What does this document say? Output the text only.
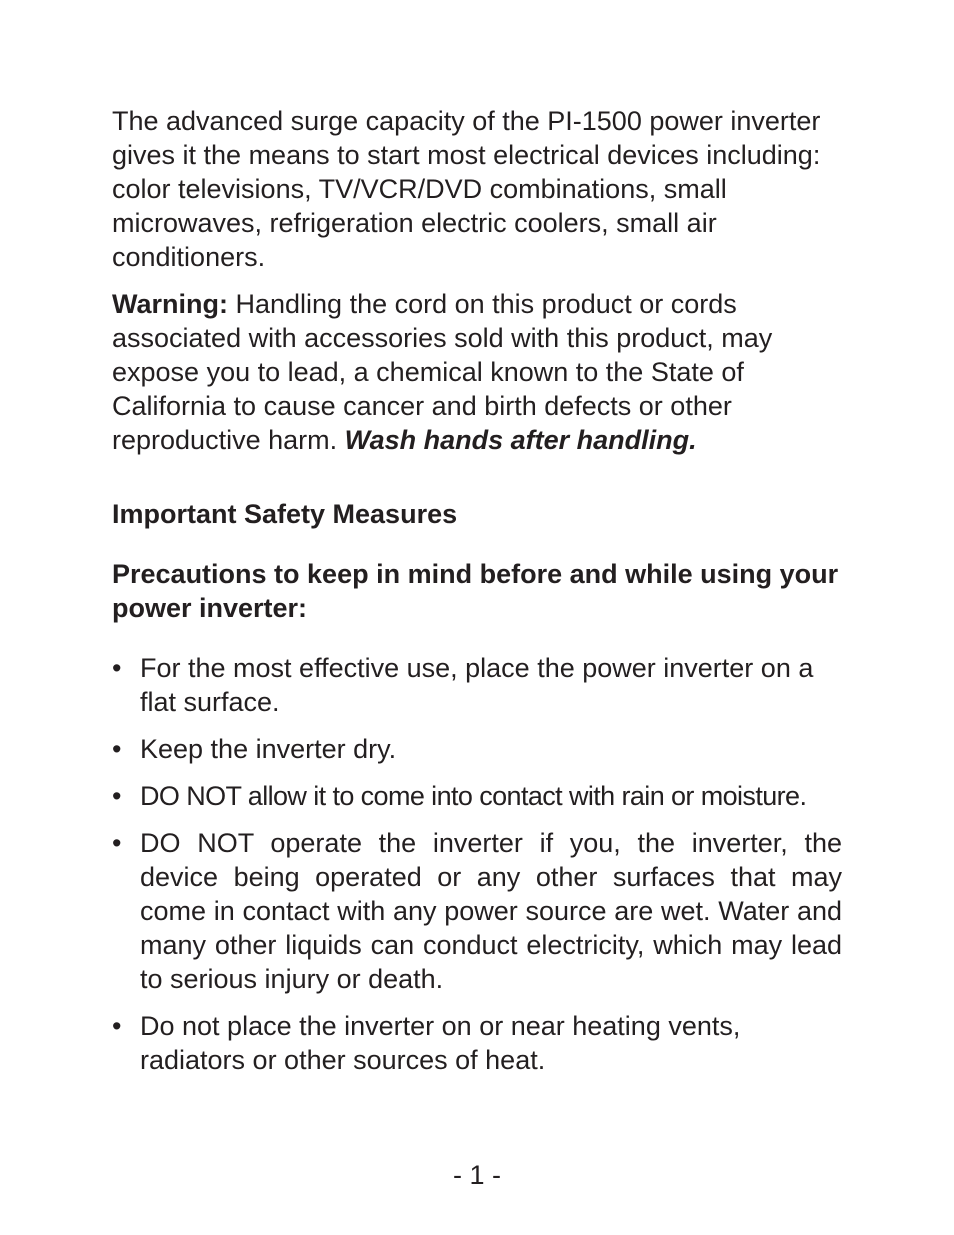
The advanced surge capacity of the PI-1500 power inverter gives it the means to start most electrical devices including: color televisions, TV/VCR/DVD combinations, small microwaves, refrigeration electric coolers, small air conditioners.

Warning: Handling the cord on this product or cords associated with accessories sold with this product, may expose you to lead, a chemical known to the State of California to cause cancer and birth defects or other reproductive harm. Wash hands after handling.

Important Safety Measures

Precautions to keep in mind before and while using your power inverter:

• For the most effective use, place the power inverter on a flat surface.
• Keep the inverter dry.
• DO NOT allow it to come into contact with rain or moisture.
• DO NOT operate the inverter if you, the inverter, the device being operated or any other surfaces that may come in contact with any power source are wet. Water and many other liquids can conduct electricity, which may lead to serious injury or death.
• Do not place the inverter on or near heating vents, radiators or other sources of heat.
- 1 -
